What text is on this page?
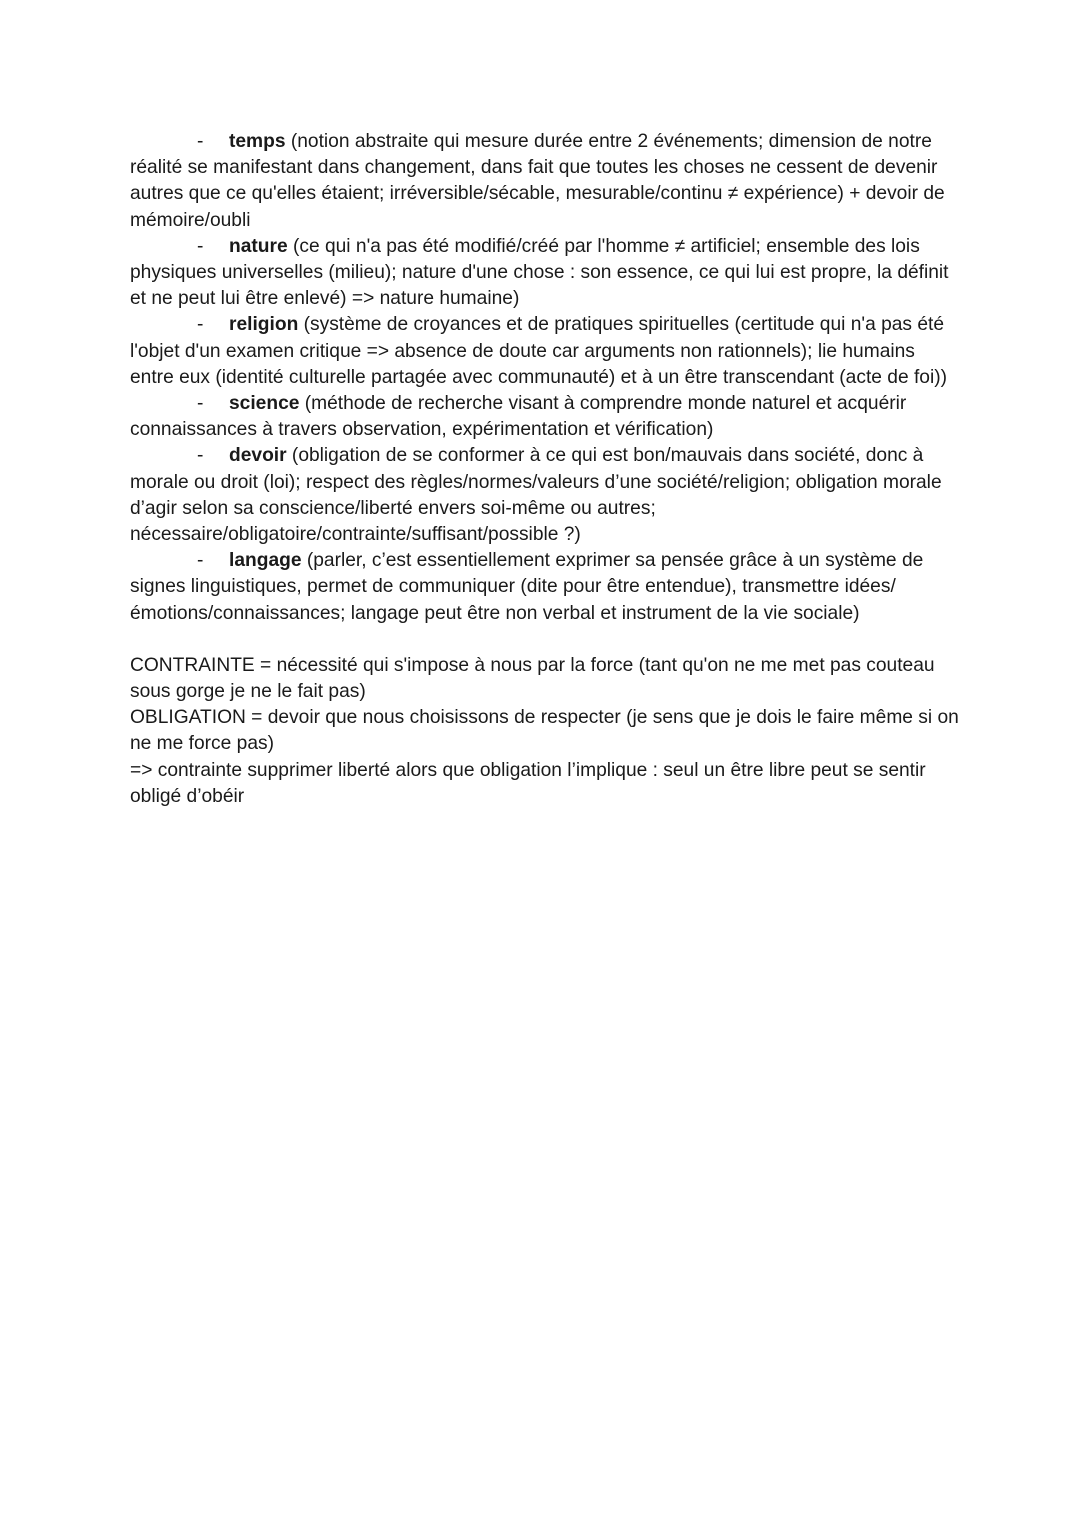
- temps (notion abstraite qui mesure durée entre 2 événements; dimension de notre réalité se manifestant dans changement, dans fait que toutes les choses ne cessent de devenir autres que ce qu'elles étaient; irréversible/sécable, mesurable/continu ≠ expérience) + devoir de mémoire/oubli

- nature (ce qui n'a pas été modifié/créé par l'homme ≠ artificiel; ensemble des lois physiques universelles (milieu); nature d'une chose : son essence, ce qui lui est propre, la définit et ne peut lui être enlevé) => nature humaine)

- religion (système de croyances et de pratiques spirituelles (certitude qui n'a pas été l'objet d'un examen critique => absence de doute car arguments non rationnels); lie humains entre eux (identité culturelle partagée avec communauté) et à un être transcendant (acte de foi))

- science (méthode de recherche visant à comprendre monde naturel et acquérir connaissances à travers observation, expérimentation et vérification)

- devoir (obligation de se conformer à ce qui est bon/mauvais dans société, donc à morale ou droit (loi); respect des règles/normes/valeurs d’une société/religion; obligation morale d’agir selon sa conscience/liberté envers soi-même ou autres; nécessaire/obligatoire/contrainte/suffisant/possible ?)

- langage (parler, c’est essentiellement exprimer sa pensée grâce à un système de signes linguistiques, permet de communiquer (dite pour être entendue), transmettre idées/émotions/connaissances; langage peut être non verbal et instrument de la vie sociale)

CONTRAINTE = nécessité qui s'impose à nous par la force (tant qu'on ne me met pas couteau sous gorge je ne le fait pas)

OBLIGATION = devoir que nous choisissons de respecter (je sens que je dois le faire même si on ne me force pas)

=> contrainte supprimer liberté alors que obligation l’implique : seul un être libre peut se sentir obligé d’obéir
